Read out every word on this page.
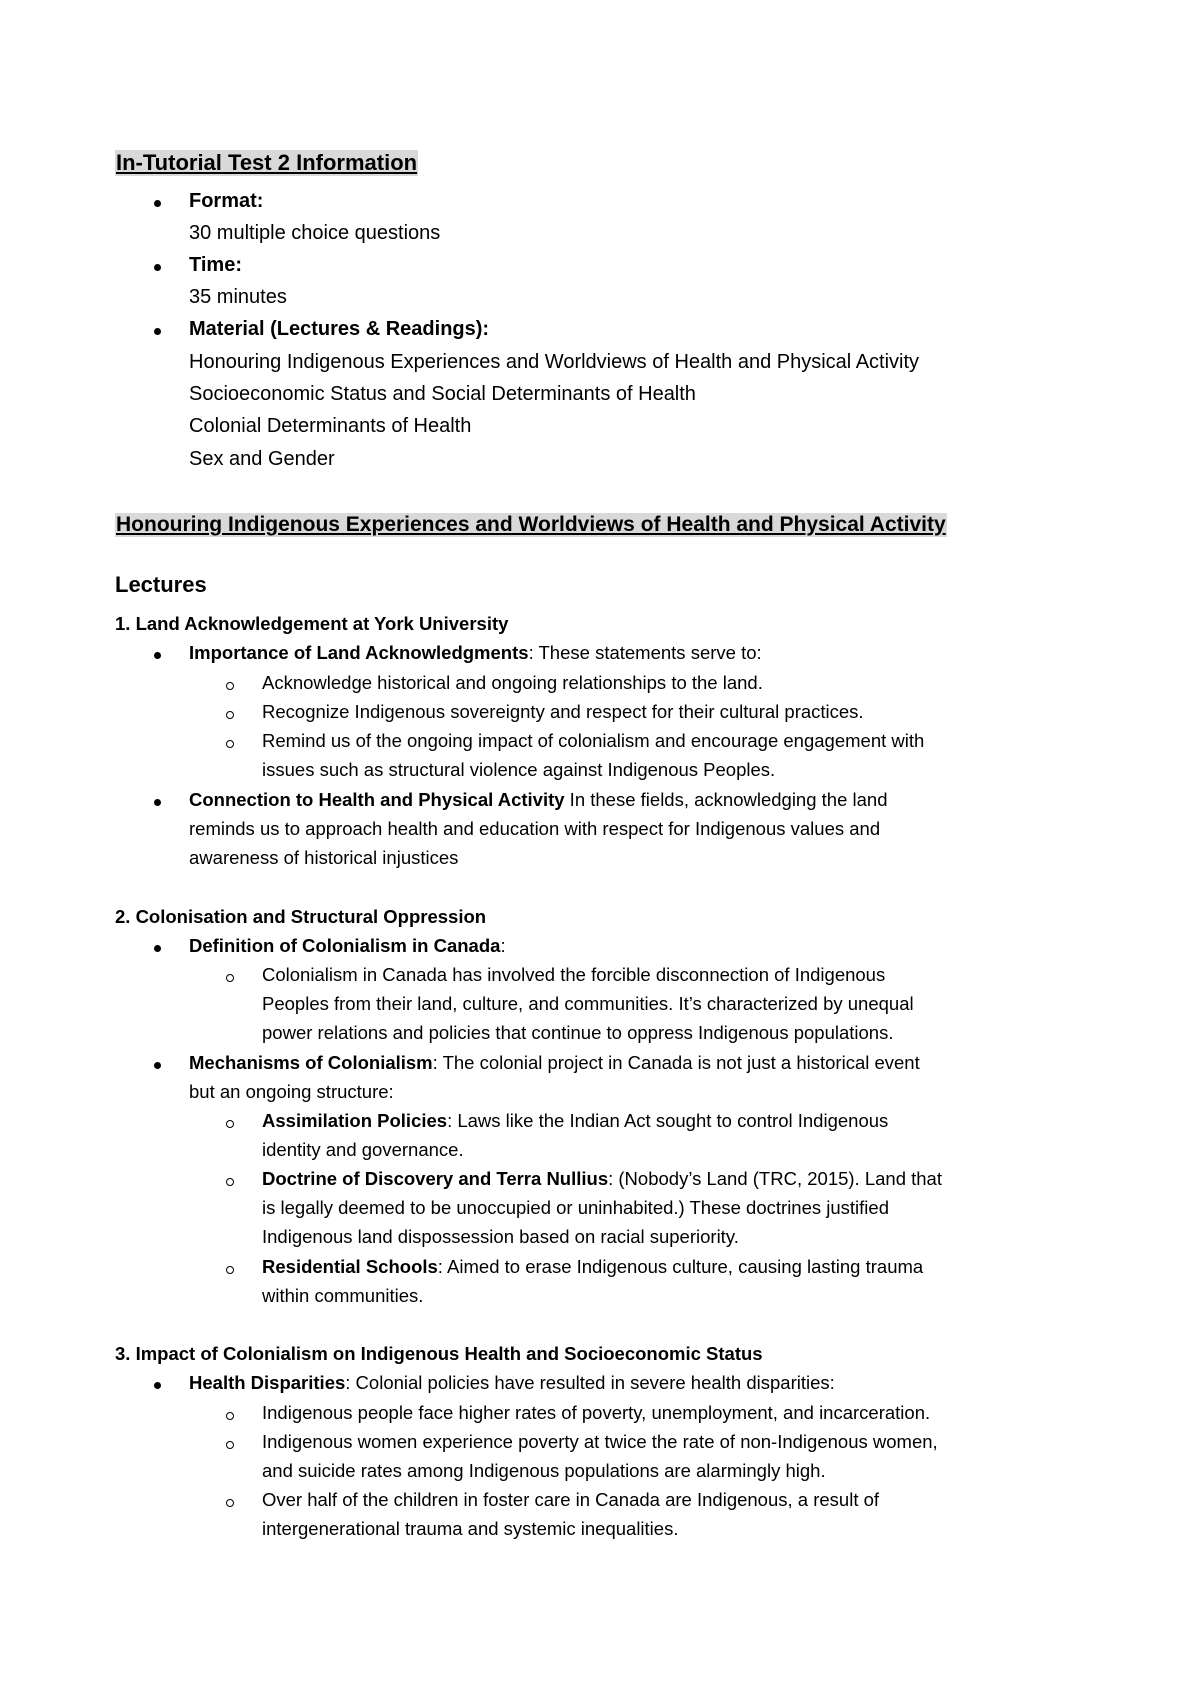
In-Tutorial Test 2 Information
Format:
30 multiple choice questions
Time:
35 minutes
Material (Lectures & Readings):
Honouring Indigenous Experiences and Worldviews of Health and Physical Activity
Socioeconomic Status and Social Determinants of Health
Colonial Determinants of Health
Sex and Gender
Honouring Indigenous Experiences and Worldviews of Health and Physical Activity
Lectures
1. Land Acknowledgement at York University
Importance of Land Acknowledgments: These statements serve to:
Acknowledge historical and ongoing relationships to the land.
Recognize Indigenous sovereignty and respect for their cultural practices.
Remind us of the ongoing impact of colonialism and encourage engagement with
issues such as structural violence against Indigenous Peoples.
Connection to Health and Physical Activity In these fields, acknowledging the land
reminds us to approach health and education with respect for Indigenous values and
awareness of historical injustices
2. Colonisation and Structural Oppression
Definition of Colonialism in Canada:
Colonialism in Canada has involved the forcible disconnection of Indigenous
Peoples from their land, culture, and communities. It’s characterized by unequal
power relations and policies that continue to oppress Indigenous populations.
Mechanisms of Colonialism: The colonial project in Canada is not just a historical event
but an ongoing structure:
Assimilation Policies: Laws like the Indian Act sought to control Indigenous
identity and governance.
Doctrine of Discovery and Terra Nullius: (Nobody’s Land (TRC, 2015). Land that
is legally deemed to be unoccupied or uninhabited.) These doctrines justified
Indigenous land dispossession based on racial superiority.
Residential Schools: Aimed to erase Indigenous culture, causing lasting trauma
within communities.
3. Impact of Colonialism on Indigenous Health and Socioeconomic Status
Health Disparities: Colonial policies have resulted in severe health disparities:
Indigenous people face higher rates of poverty, unemployment, and incarceration.
Indigenous women experience poverty at twice the rate of non-Indigenous women,
and suicide rates among Indigenous populations are alarmingly high.
Over half of the children in foster care in Canada are Indigenous, a result of
intergenerational trauma and systemic inequalities.
